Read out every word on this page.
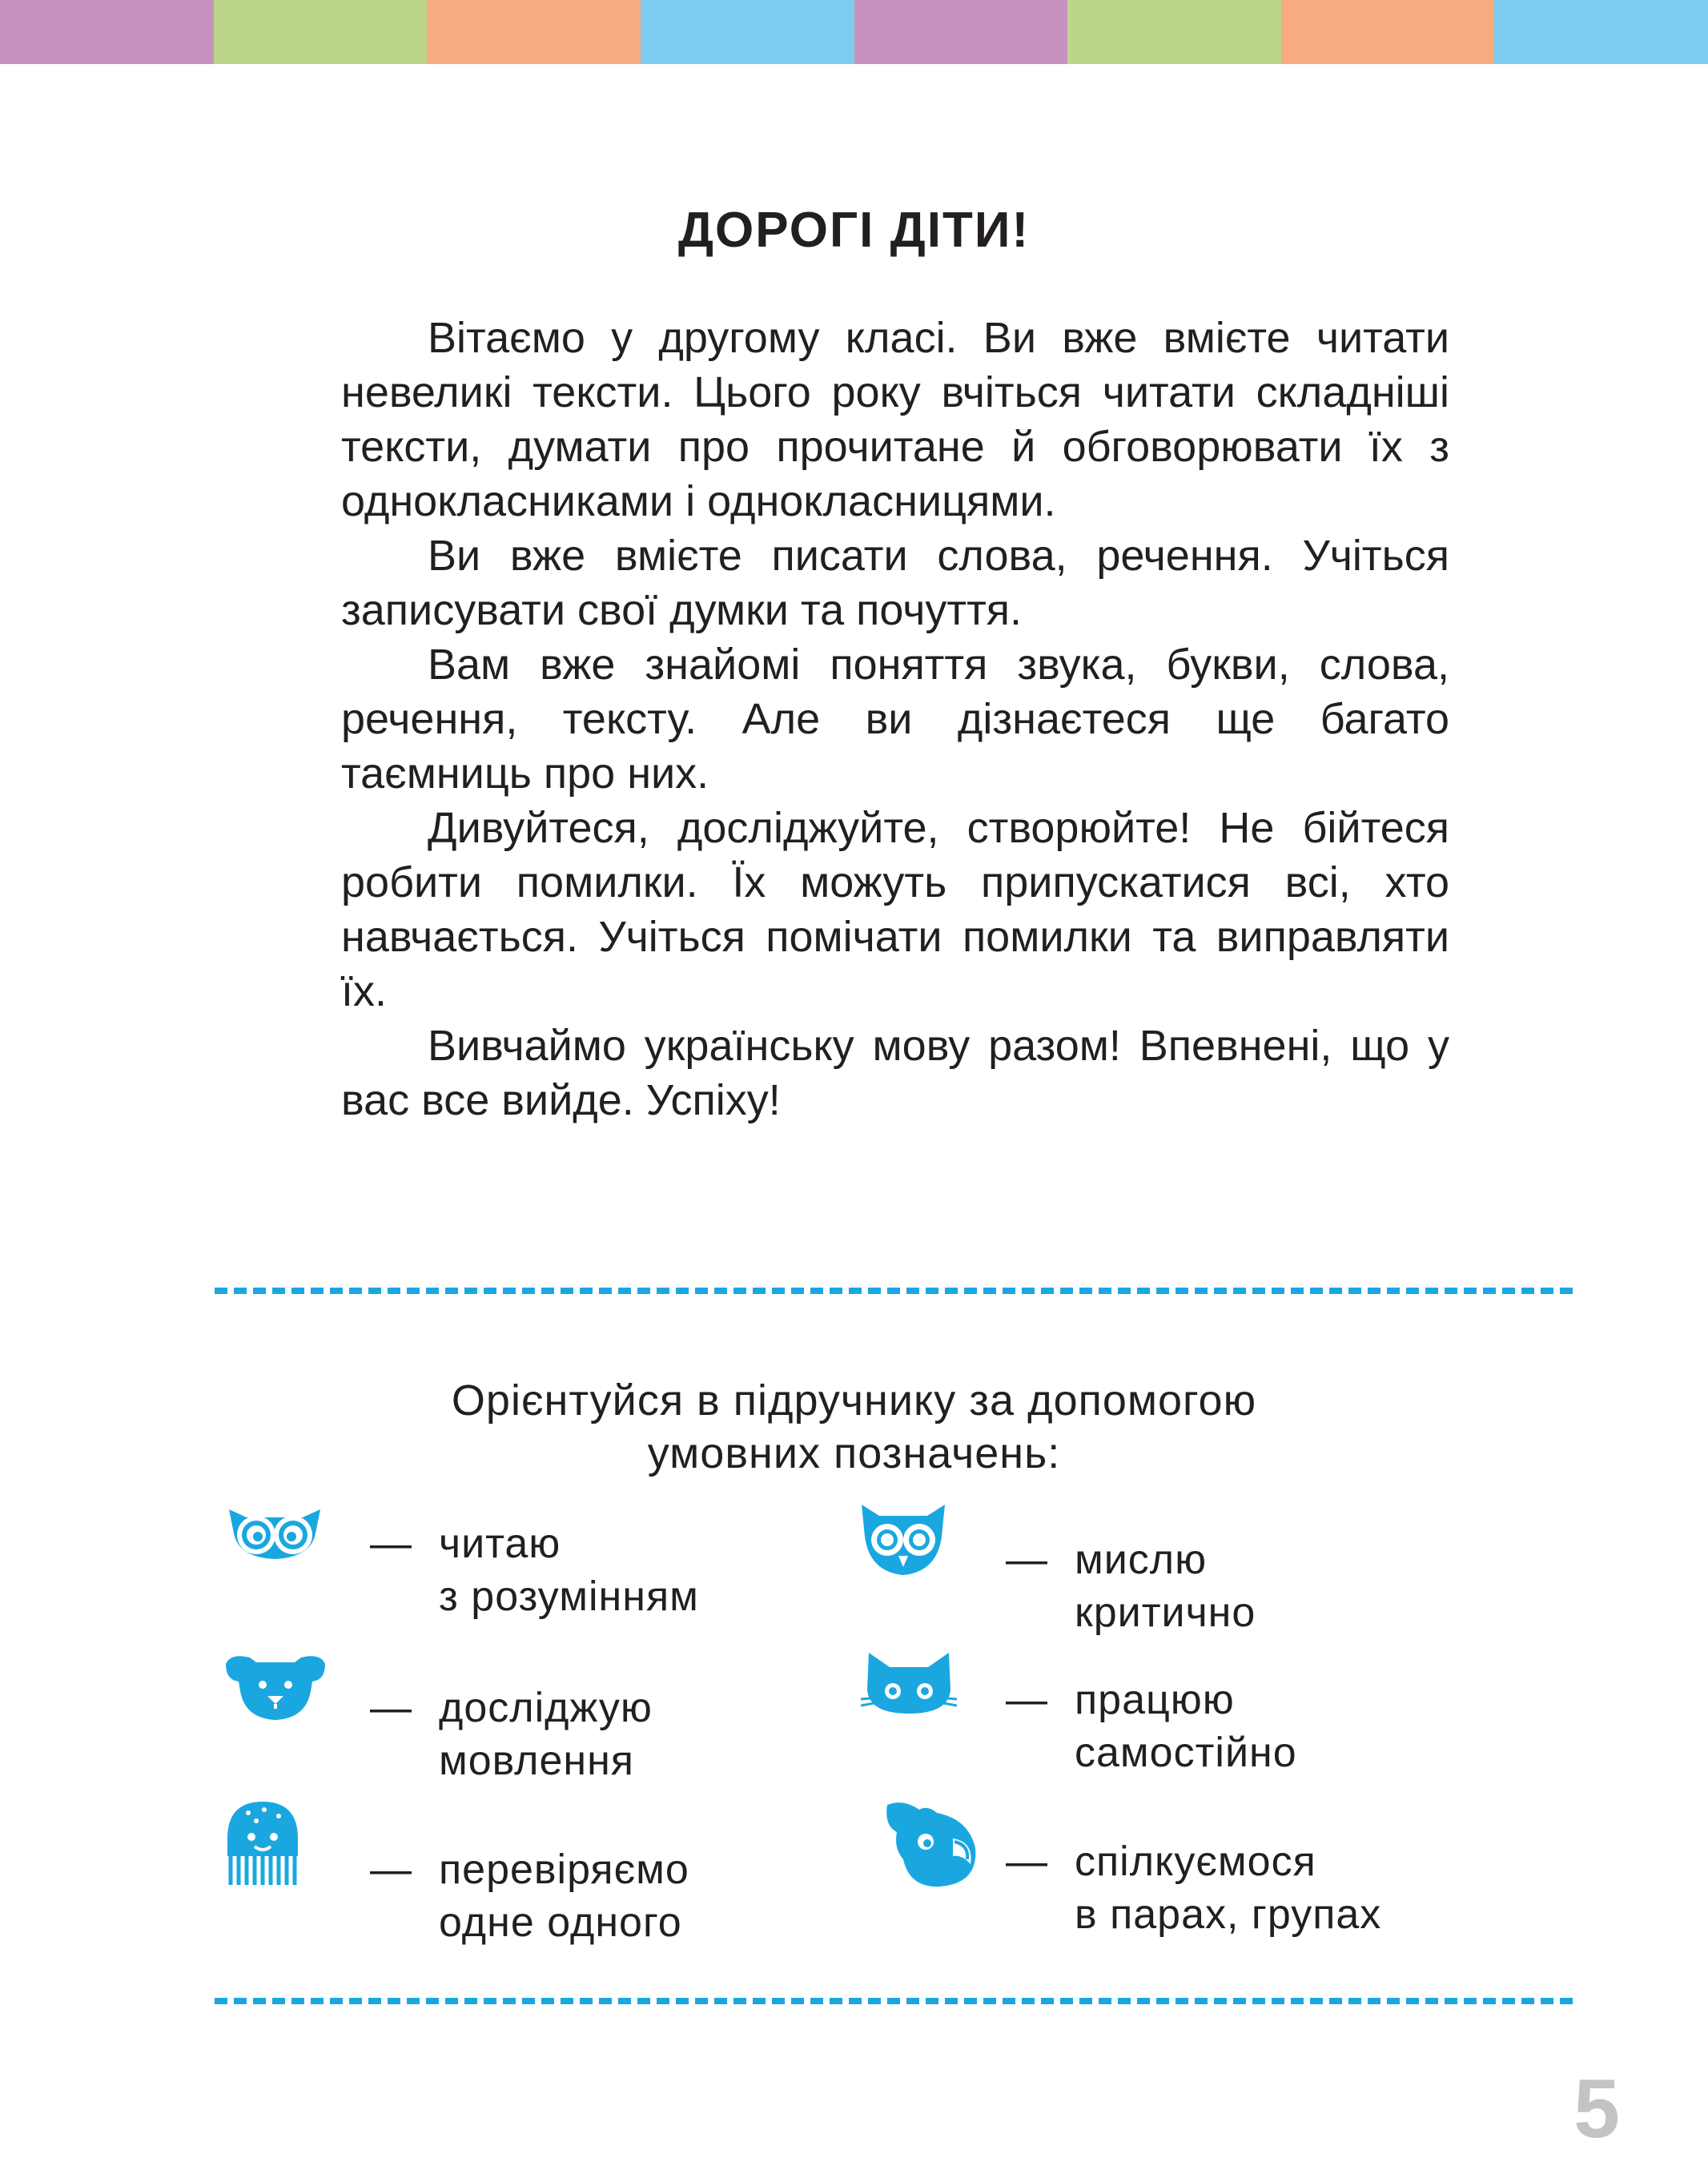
ДОРОГІ ДІТИ!

Вітаємо у другому класі. Ви вже вмієте читати невеликі тексти. Цього року вчіться читати складніші тексти, думати про прочитане й обговорювати їх з однокласниками і однокласницями.

Ви вже вмієте писати слова, речення. Учіться записувати свої думки та почуття.

Вам вже знайомі поняття звука, букви, слова, речення, тексту. Але ви дізнаєтеся ще багато таємниць про них.

Дивуйтеся, досліджуйте, створюйте! Не бійтеся робити помилки. Їх можуть припускатися всі, хто навчається. Учіться помічати помилки та виправляти їх.

Вивчаймо українську мову разом! Впевнені, що у вас все вийде. Успіху!

Орієнтуйся в підручнику за допомогою
умовних позначень:
— читаю
з розумінням
— мислю
критично
— досліджую
мовлення
— працюю
самостійно
— перевіряємо
одне одного
— спілкуємося
в парах, групах
5
